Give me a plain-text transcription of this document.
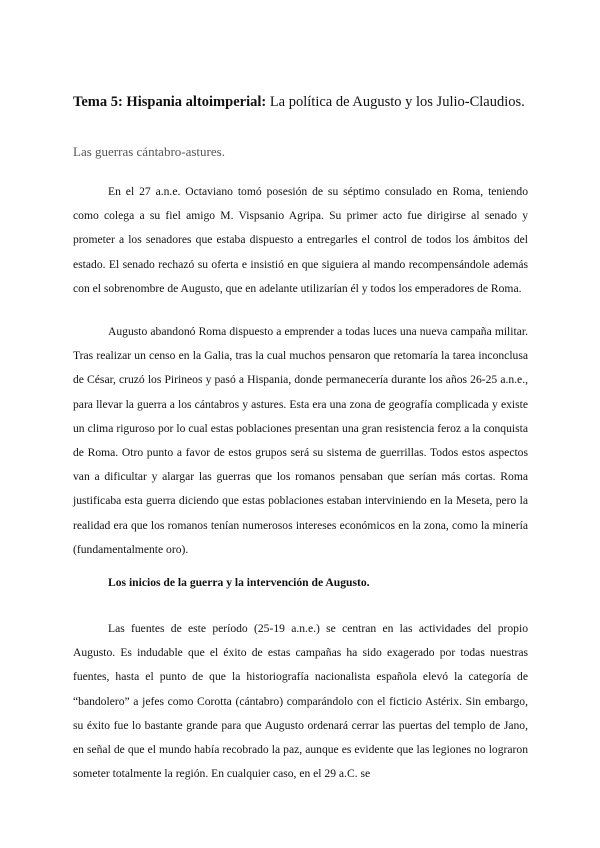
Tema 5: Hispania altoimperial: La política de Augusto y los Julio-Claudios.
Las guerras cántabro-astures.

En el 27 a.n.e. Octaviano tomó posesión de su séptimo consulado en Roma, teniendo como colega a su fiel amigo M. Vispsanio Agripa. Su primer acto fue dirigirse al senado y prometer a los senadores que estaba dispuesto a entregarles el control de todos los ámbitos del estado. El senado rechazó su oferta e insistió en que siguiera al mando recompensándole además con el sobrenombre de Augusto, que en adelante utilizarían él y todos los emperadores de Roma.

Augusto abandonó Roma dispuesto a emprender a todas luces una nueva campaña militar. Tras realizar un censo en la Galia, tras la cual muchos pensaron que retomaría la tarea inconclusa de César, cruzó los Pirineos y pasó a Hispania, donde permanecería durante los años 26-25 a.n.e., para llevar la guerra a los cántabros y astures. Esta era una zona de geografía complicada y existe un clima riguroso por lo cual estas poblaciones presentan una gran resistencia feroz a la conquista de Roma. Otro punto a favor de estos grupos será su sistema de guerrillas. Todos estos aspectos van a dificultar y alargar las guerras que los romanos pensaban que serían más cortas. Roma justificaba esta guerra diciendo que estas poblaciones estaban interviniendo en la Meseta, pero la realidad era que los romanos tenían numerosos intereses económicos en la zona, como la minería (fundamentalmente oro).

Los inicios de la guerra y la intervención de Augusto.

Las fuentes de este período (25-19 a.n.e.) se centran en las actividades del propio Augusto. Es indudable que el éxito de estas campañas ha sido exagerado por todas nuestras fuentes, hasta el punto de que la historiografía nacionalista española elevó la categoría de “bandolero” a jefes como Corotta (cántabro) comparándolo con el ficticio Astérix. Sin embargo, su éxito fue lo bastante grande para que Augusto ordenará cerrar las puertas del templo de Jano, en señal de que el mundo había recobrado la paz, aunque es evidente que las legiones no lograron someter totalmente la región. En cualquier caso, en el 29 a.C. se
